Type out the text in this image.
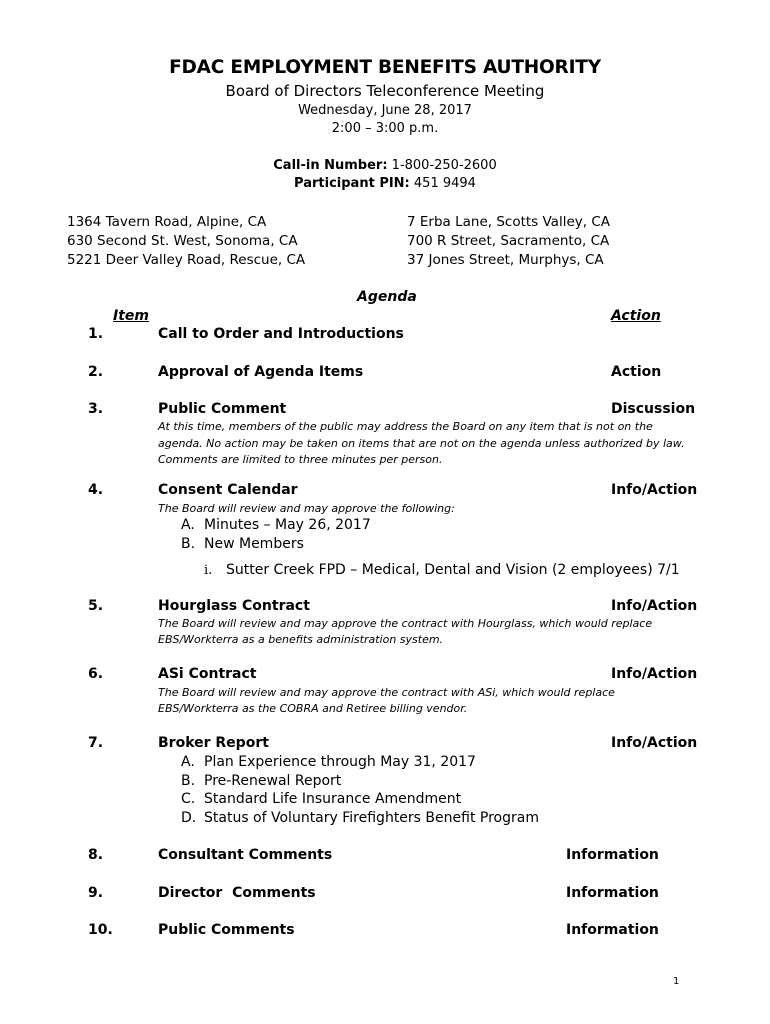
FDAC EMPLOYMENT BENEFITS AUTHORITY
Board of Directors Teleconference Meeting
Wednesday, June 28, 2017
2:00 – 3:00 p.m.
Call-in Number: 1-800-250-2600
Participant PIN: 451 9494
1364 Tavern Road, Alpine, CA
630 Second St. West, Sonoma, CA
5221 Deer Valley Road, Rescue, CA
7 Erba Lane, Scotts Valley, CA
700 R Street, Sacramento, CA
37 Jones Street, Murphys, CA
Agenda
Item	Action
1.	Call to Order and Introductions
2.	Approval of Agenda Items	Action
3.	Public Comment	Discussion
At this time, members of the public may address the Board on any item that is not on the
agenda. No action may be taken on items that are not on the agenda unless authorized by law.
Comments are limited to three minutes per person.
4.	Consent Calendar	Info/Action
The Board will review and may approve the following:
A. Minutes – May 26, 2017
B. New Members
i. Sutter Creek FPD – Medical, Dental and Vision (2 employees) 7/1
5.	Hourglass Contract	Info/Action
The Board will review and may approve the contract with Hourglass, which would replace
EBS/Workterra as a benefits administration system.
6.	ASi Contract	Info/Action
The Board will review and may approve the contract with ASi, which would replace
EBS/Workterra as the COBRA and Retiree billing vendor.
7.	Broker Report	Info/Action
A. Plan Experience through May 31, 2017
B. Pre-Renewal Report
C. Standard Life Insurance Amendment
D. Status of Voluntary Firefighters Benefit Program
8.	Consultant Comments	Information
9.	Director  Comments	Information
10.	Public Comments	Information
1
